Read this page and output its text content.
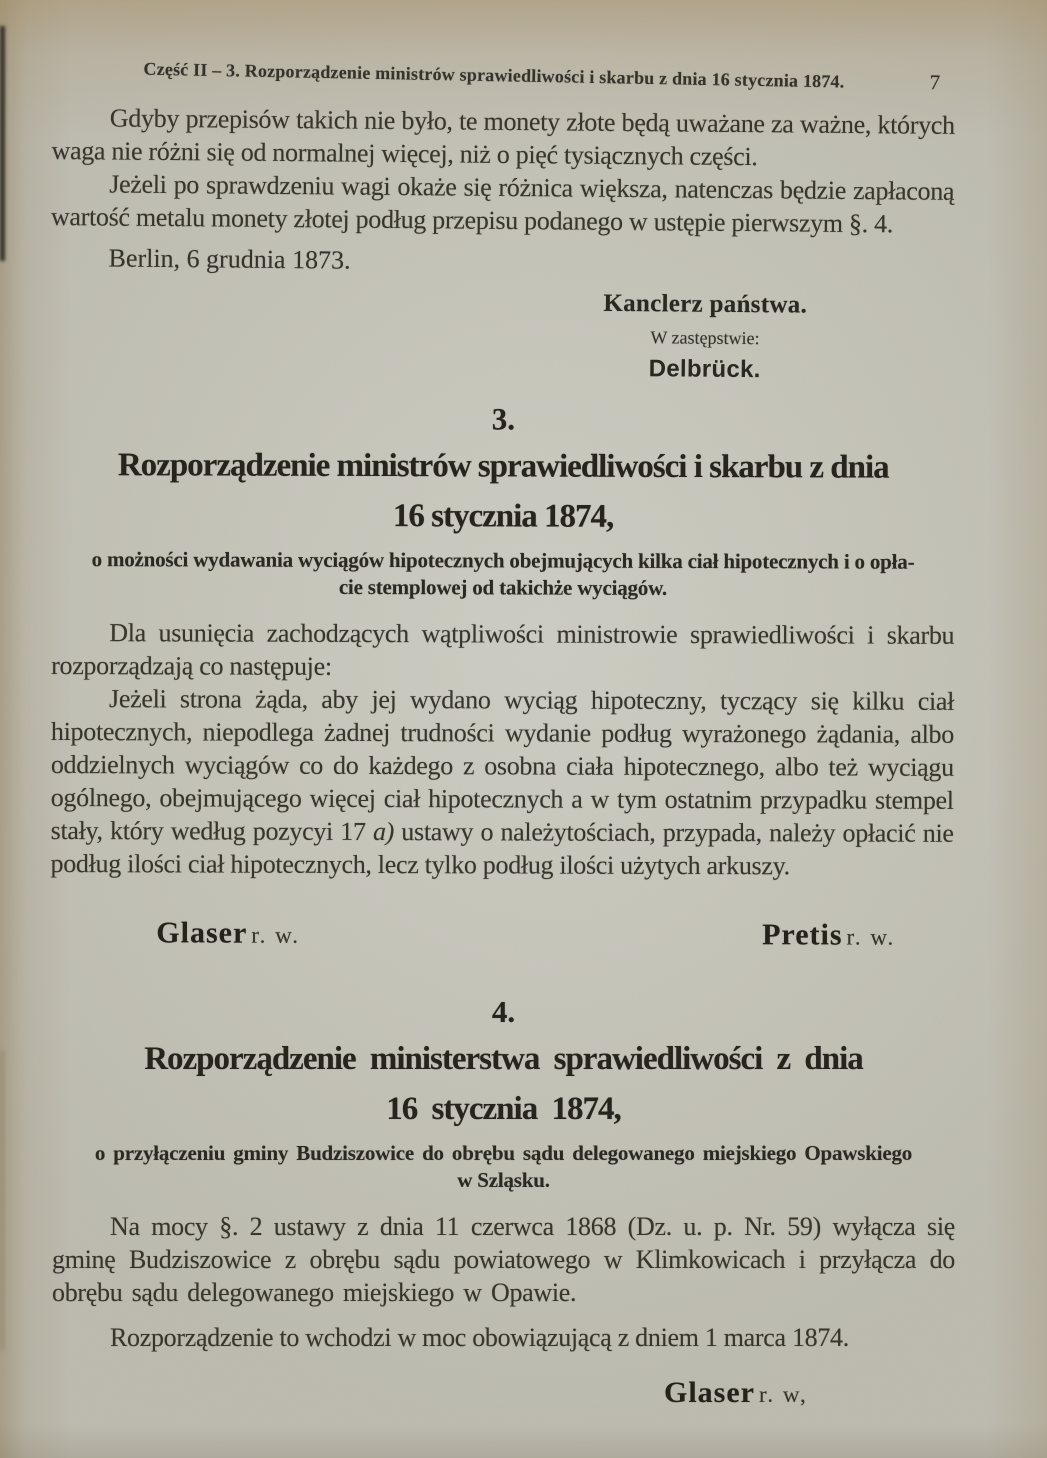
Część II – 3. Rozporządzenie ministrów sprawiedliwości i skarbu z dnia 16 stycznia 1874.	7

Gdyby przepisów takich nie było, te monety złote będą uważane za ważne, których waga nie różni się od normalnej więcej, niż o pięć tysiącznych części.

Jeżeli po sprawdzeniu wagi okaże się różnica większa, natenczas będzie zapłaconą wartość metalu monety złotej podług przepisu podanego w ustępie pierwszym §. 4.

Berlin, 6 grudnia 1873.

Kanclerz państwa.
W zastępstwie:
Delbrück.
3.
Rozporządzenie ministrów sprawiedliwości i skarbu z dnia
16 stycznia 1874,
o możności wydawania wyciągów hipotecznych obejmujących kilka ciał hipotecznych i o opła-
cie stemplowej od takichże wyciągów.

Dla usunięcia zachodzących wątpliwości ministrowie sprawiedliwości i skarbu rozporządzają co następuje:

Jeżeli strona żąda, aby jej wydano wyciąg hipoteczny, tyczący się kilku ciał hipotecznych, niepodlega żadnej trudności wydanie podług wyrażonego żądania, albo oddzielnych wyciągów co do każdego z osobna ciała hipotecznego, albo też wyciągu ogólnego, obejmującego więcej ciał hipotecznych a w tym ostatnim przypadku stempel stały, który według pozycyi 17 a) ustawy o należytościach, przypada, należy opłacić nie podług ilości ciał hipotecznych, lecz tylko podług ilości użytych arkuszy.

Glaser r. w.	Pretis r. w.
4.
Rozporządzenie ministerstwa sprawiedliwości z dnia
16 stycznia 1874,
o przyłączeniu gminy Budziszowice do obrębu sądu delegowanego miejskiego Opawskiego
w Szląsku.

Na mocy §. 2 ustawy z dnia 11 czerwca 1868 (Dz. u. p. Nr. 59) wyłącza się gminę Budziszowice z obrębu sądu powiatowego w Klimkowicach i przyłącza do obrębu sądu delegowanego miejskiego w Opawie.

Rozporządzenie to wchodzi w moc obowiązującą z dniem 1 marca 1874.

Glaser r. w,
